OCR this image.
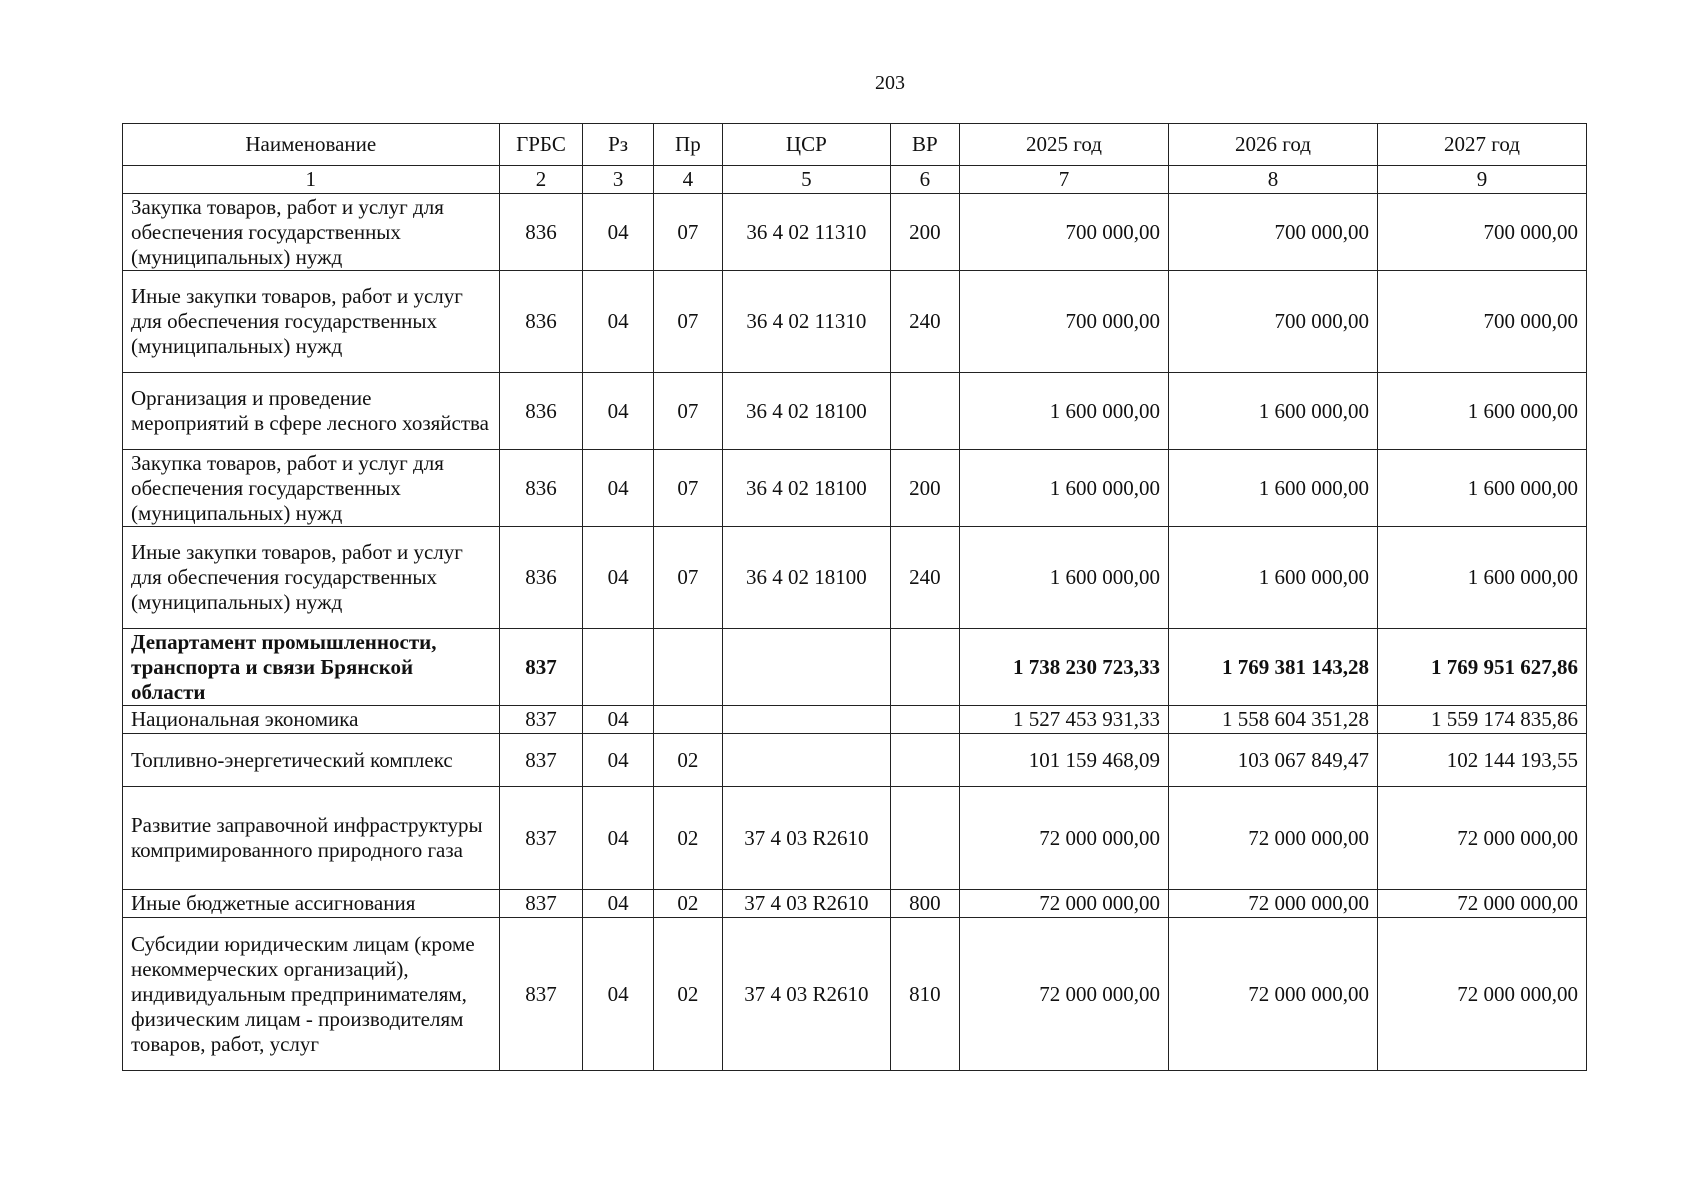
203
Наименование	ГРБС	Рз	Пр	ЦСР	ВР	2025 год	2026 год	2027 год
1	2	3	4	5	6	7	8	9
Закупка товаров, работ и услуг для обеспечения государственных (муниципальных) нужд	836	04	07	36 4 02 11310	200	700 000,00	700 000,00	700 000,00
Иные закупки товаров, работ и услуг для обеспечения государственных (муниципальных) нужд	836	04	07	36 4 02 11310	240	700 000,00	700 000,00	700 000,00
Организация и проведение мероприятий в сфере лесного хозяйства	836	04	07	36 4 02 18100		1 600 000,00	1 600 000,00	1 600 000,00
Закупка товаров, работ и услуг для обеспечения государственных (муниципальных) нужд	836	04	07	36 4 02 18100	200	1 600 000,00	1 600 000,00	1 600 000,00
Иные закупки товаров, работ и услуг для обеспечения государственных (муниципальных) нужд	836	04	07	36 4 02 18100	240	1 600 000,00	1 600 000,00	1 600 000,00
Департамент промышленности, транспорта и связи Брянской области	837					1 738 230 723,33	1 769 381 143,28	1 769 951 627,86
Национальная экономика	837	04				1 527 453 931,33	1 558 604 351,28	1 559 174 835,86
Топливно-энергетический комплекс	837	04	02			101 159 468,09	103 067 849,47	102 144 193,55
Развитие заправочной инфраструктуры компримированного природного газа	837	04	02	37 4 03 R2610		72 000 000,00	72 000 000,00	72 000 000,00
Иные бюджетные ассигнования	837	04	02	37 4 03 R2610	800	72 000 000,00	72 000 000,00	72 000 000,00
Субсидии юридическим лицам (кроме некоммерческих организаций), индивидуальным предпринимателям, физическим лицам - производителям товаров, работ, услуг	837	04	02	37 4 03 R2610	810	72 000 000,00	72 000 000,00	72 000 000,00
